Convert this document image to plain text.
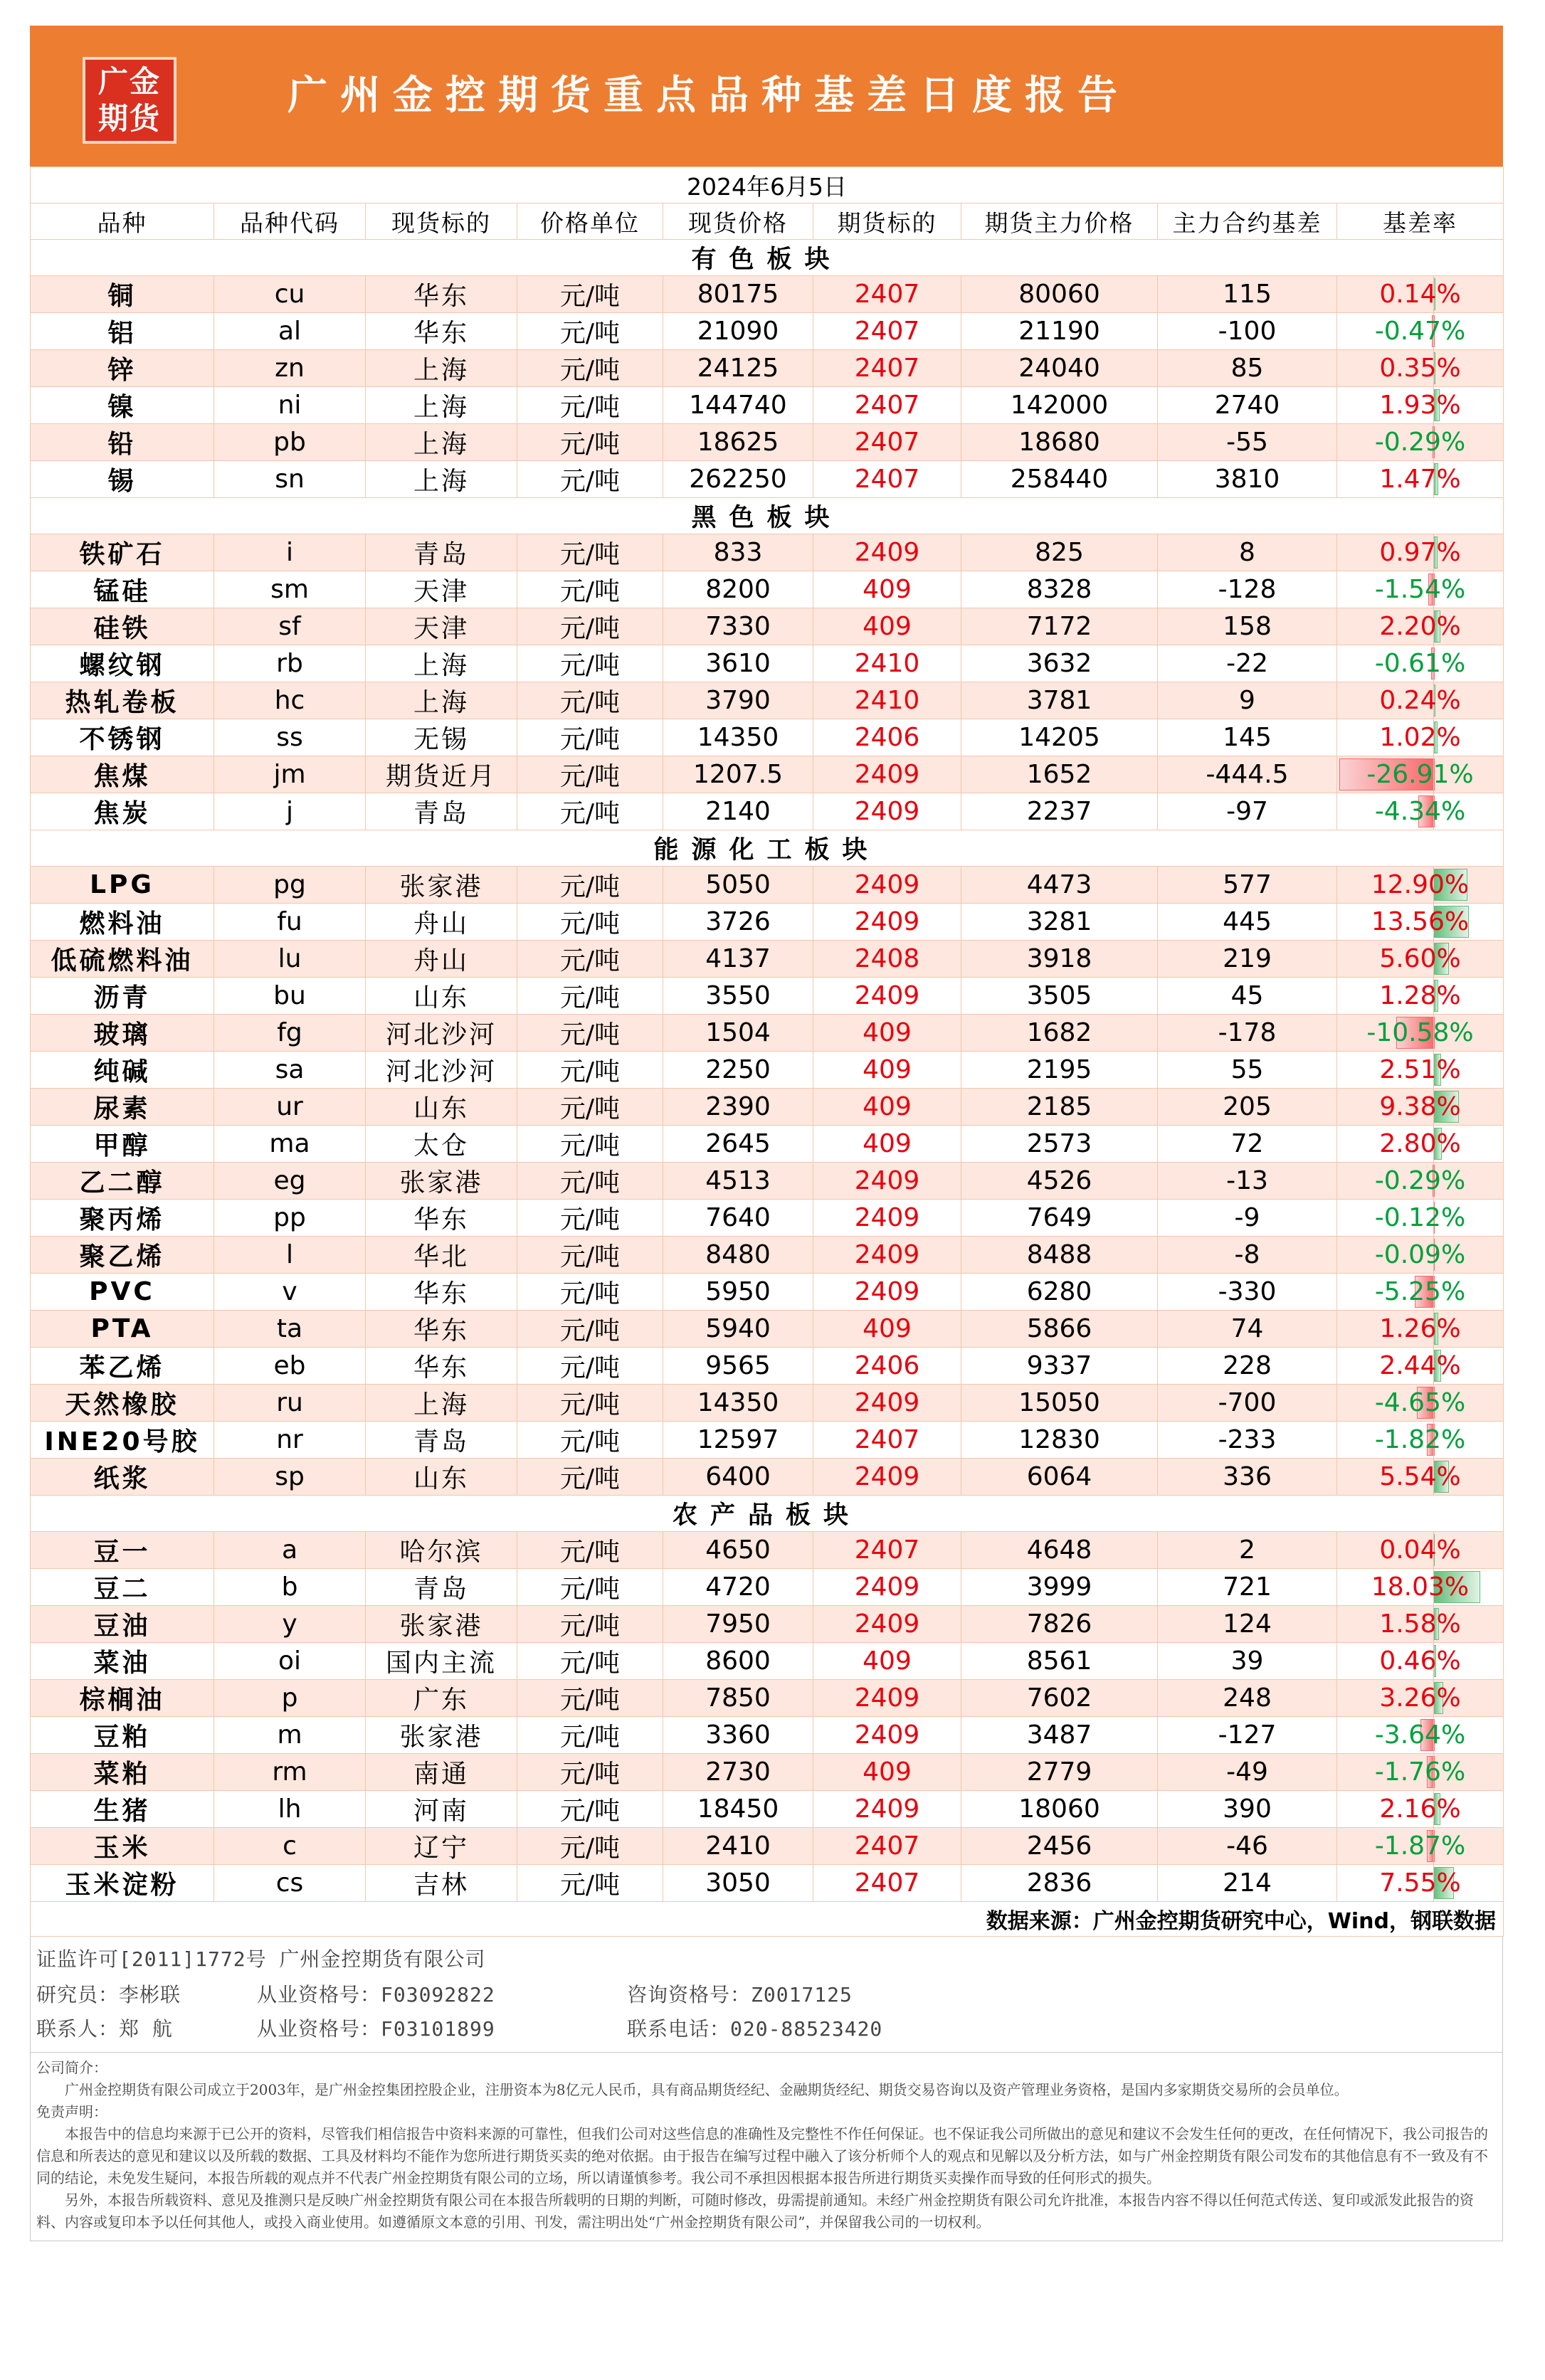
广金
期货	广州金控期货重点品种基差日度报告
2024年6月5日								
品种	品种代码	现货标的	价格单位	现货价格	期货标的	期货主力价格	主力合约基差	基差率
有色板块								
铜	cu	华东	元/吨	80175	2407	80060	115	0.14%
铝	al	华东	元/吨	21090	2407	21190	-100	-0.47%
锌	zn	上海	元/吨	24125	2407	24040	85	0.35%
镍	ni	上海	元/吨	144740	2407	142000	2740	1.93%
铅	pb	上海	元/吨	18625	2407	18680	-55	-0.29%
锡	sn	上海	元/吨	262250	2407	258440	3810	1.47%
黑色板块								
铁矿石	i	青岛	元/吨	833	2409	825	8	0.97%
锰硅	sm	天津	元/吨	8200	409	8328	-128	-1.54%
硅铁	sf	天津	元/吨	7330	409	7172	158	2.20%
螺纹钢	rb	上海	元/吨	3610	2410	3632	-22	-0.61%
热轧卷板	hc	上海	元/吨	3790	2410	3781	9	0.24%
不锈钢	ss	无锡	元/吨	14350	2406	14205	145	1.02%
焦煤	jm	期货近月	元/吨	1207.5	2409	1652	-444.5	-26.91%
焦炭	j	青岛	元/吨	2140	2409	2237	-97	-4.34%
能源化工板块								
LPG	pg	张家港	元/吨	5050	2409	4473	577	12.90%
燃料油	fu	舟山	元/吨	3726	2409	3281	445	13.56%
低硫燃料油	lu	舟山	元/吨	4137	2408	3918	219	5.60%
沥青	bu	山东	元/吨	3550	2409	3505	45	1.28%
玻璃	fg	河北沙河	元/吨	1504	409	1682	-178	-10.58%
纯碱	sa	河北沙河	元/吨	2250	409	2195	55	2.51%
尿素	ur	山东	元/吨	2390	409	2185	205	9.38%
甲醇	ma	太仓	元/吨	2645	409	2573	72	2.80%
乙二醇	eg	张家港	元/吨	4513	2409	4526	-13	-0.29%
聚丙烯	pp	华东	元/吨	7640	2409	7649	-9	-0.12%
聚乙烯	l	华北	元/吨	8480	2409	8488	-8	-0.09%
PVC	v	华东	元/吨	5950	2409	6280	-330	-5.25%
PTA	ta	华东	元/吨	5940	409	5866	74	1.26%
苯乙烯	eb	华东	元/吨	9565	2406	9337	228	2.44%
天然橡胶	ru	上海	元/吨	14350	2409	15050	-700	-4.65%
INE20号胶	nr	青岛	元/吨	12597	2407	12830	-233	-1.82%
纸浆	sp	山东	元/吨	6400	2409	6064	336	5.54%
农产品板块								
豆一	a	哈尔滨	元/吨	4650	2407	4648	2	0.04%
豆二	b	青岛	元/吨	4720	2409	3999	721	18.03%
豆油	y	张家港	元/吨	7950	2409	7826	124	1.58%
菜油	oi	国内主流	元/吨	8600	409	8561	39	0.46%
棕榈油	p	广东	元/吨	7850	2409	7602	248	3.26%
豆粕	m	张家港	元/吨	3360	2409	3487	-127	-3.64%
菜粕	rm	南通	元/吨	2730	409	2779	-49	-1.76%
生猪	lh	河南	元/吨	18450	2409	18060	390	2.16%
玉米	c	辽宁	元/吨	2410	2407	2456	-46	-1.87%
玉米淀粉	cs	吉林	元/吨	3050	2407	2836	214	7.55%
数据来源：广州金控期货研究中心，Wind，钢联数据								
证监许可[2011]1772号 广州金控期货有限公司
研究员：李彬联	从业资格号：F03092822	咨询资格号：Z0017125
联系人：郑 航	从业资格号：F03101899	联系电话：020-88523420

公司简介：

广州金控期货有限公司成立于2003年，是广州金控集团控股企业，注册资本为8亿元人民币，具有商品期货经纪、金融期货经纪、期货交易咨询以及资产管理业务资格，是国内多家期货交易所的会员单位。

免责声明：

本报告中的信息均来源于已公开的资料，尽管我们相信报告中资料来源的可靠性，但我们公司对这些信息的准确性及完整性不作任何保证。也不保证我公司所做出的意见和建议不会发生任何的更改，在任何情况下，我公司报告的信息和所表达的意见和建议以及所载的数据、工具及材料均不能作为您所进行期货买卖的绝对依据。由于报告在编写过程中融入了该分析师个人的观点和见解以及分析方法，如与广州金控期货有限公司发布的其他信息有不一致及有不同的结论，未免发生疑问，本报告所载的观点并不代表广州金控期货有限公司的立场，所以请谨慎参考。我公司不承担因根据本报告所进行期货买卖操作而导致的任何形式的损失。

另外，本报告所载资料、意见及推测只是反映广州金控期货有限公司在本报告所载明的日期的判断，可随时修改，毋需提前通知。未经广州金控期货有限公司允许批准，本报告内容不得以任何范式传送、复印或派发此报告的资料、内容或复印本予以任何其他人，或投入商业使用。如遵循原文本意的引用、刊发，需注明出处“广州金控期货有限公司”，并保留我公司的一切权利。
